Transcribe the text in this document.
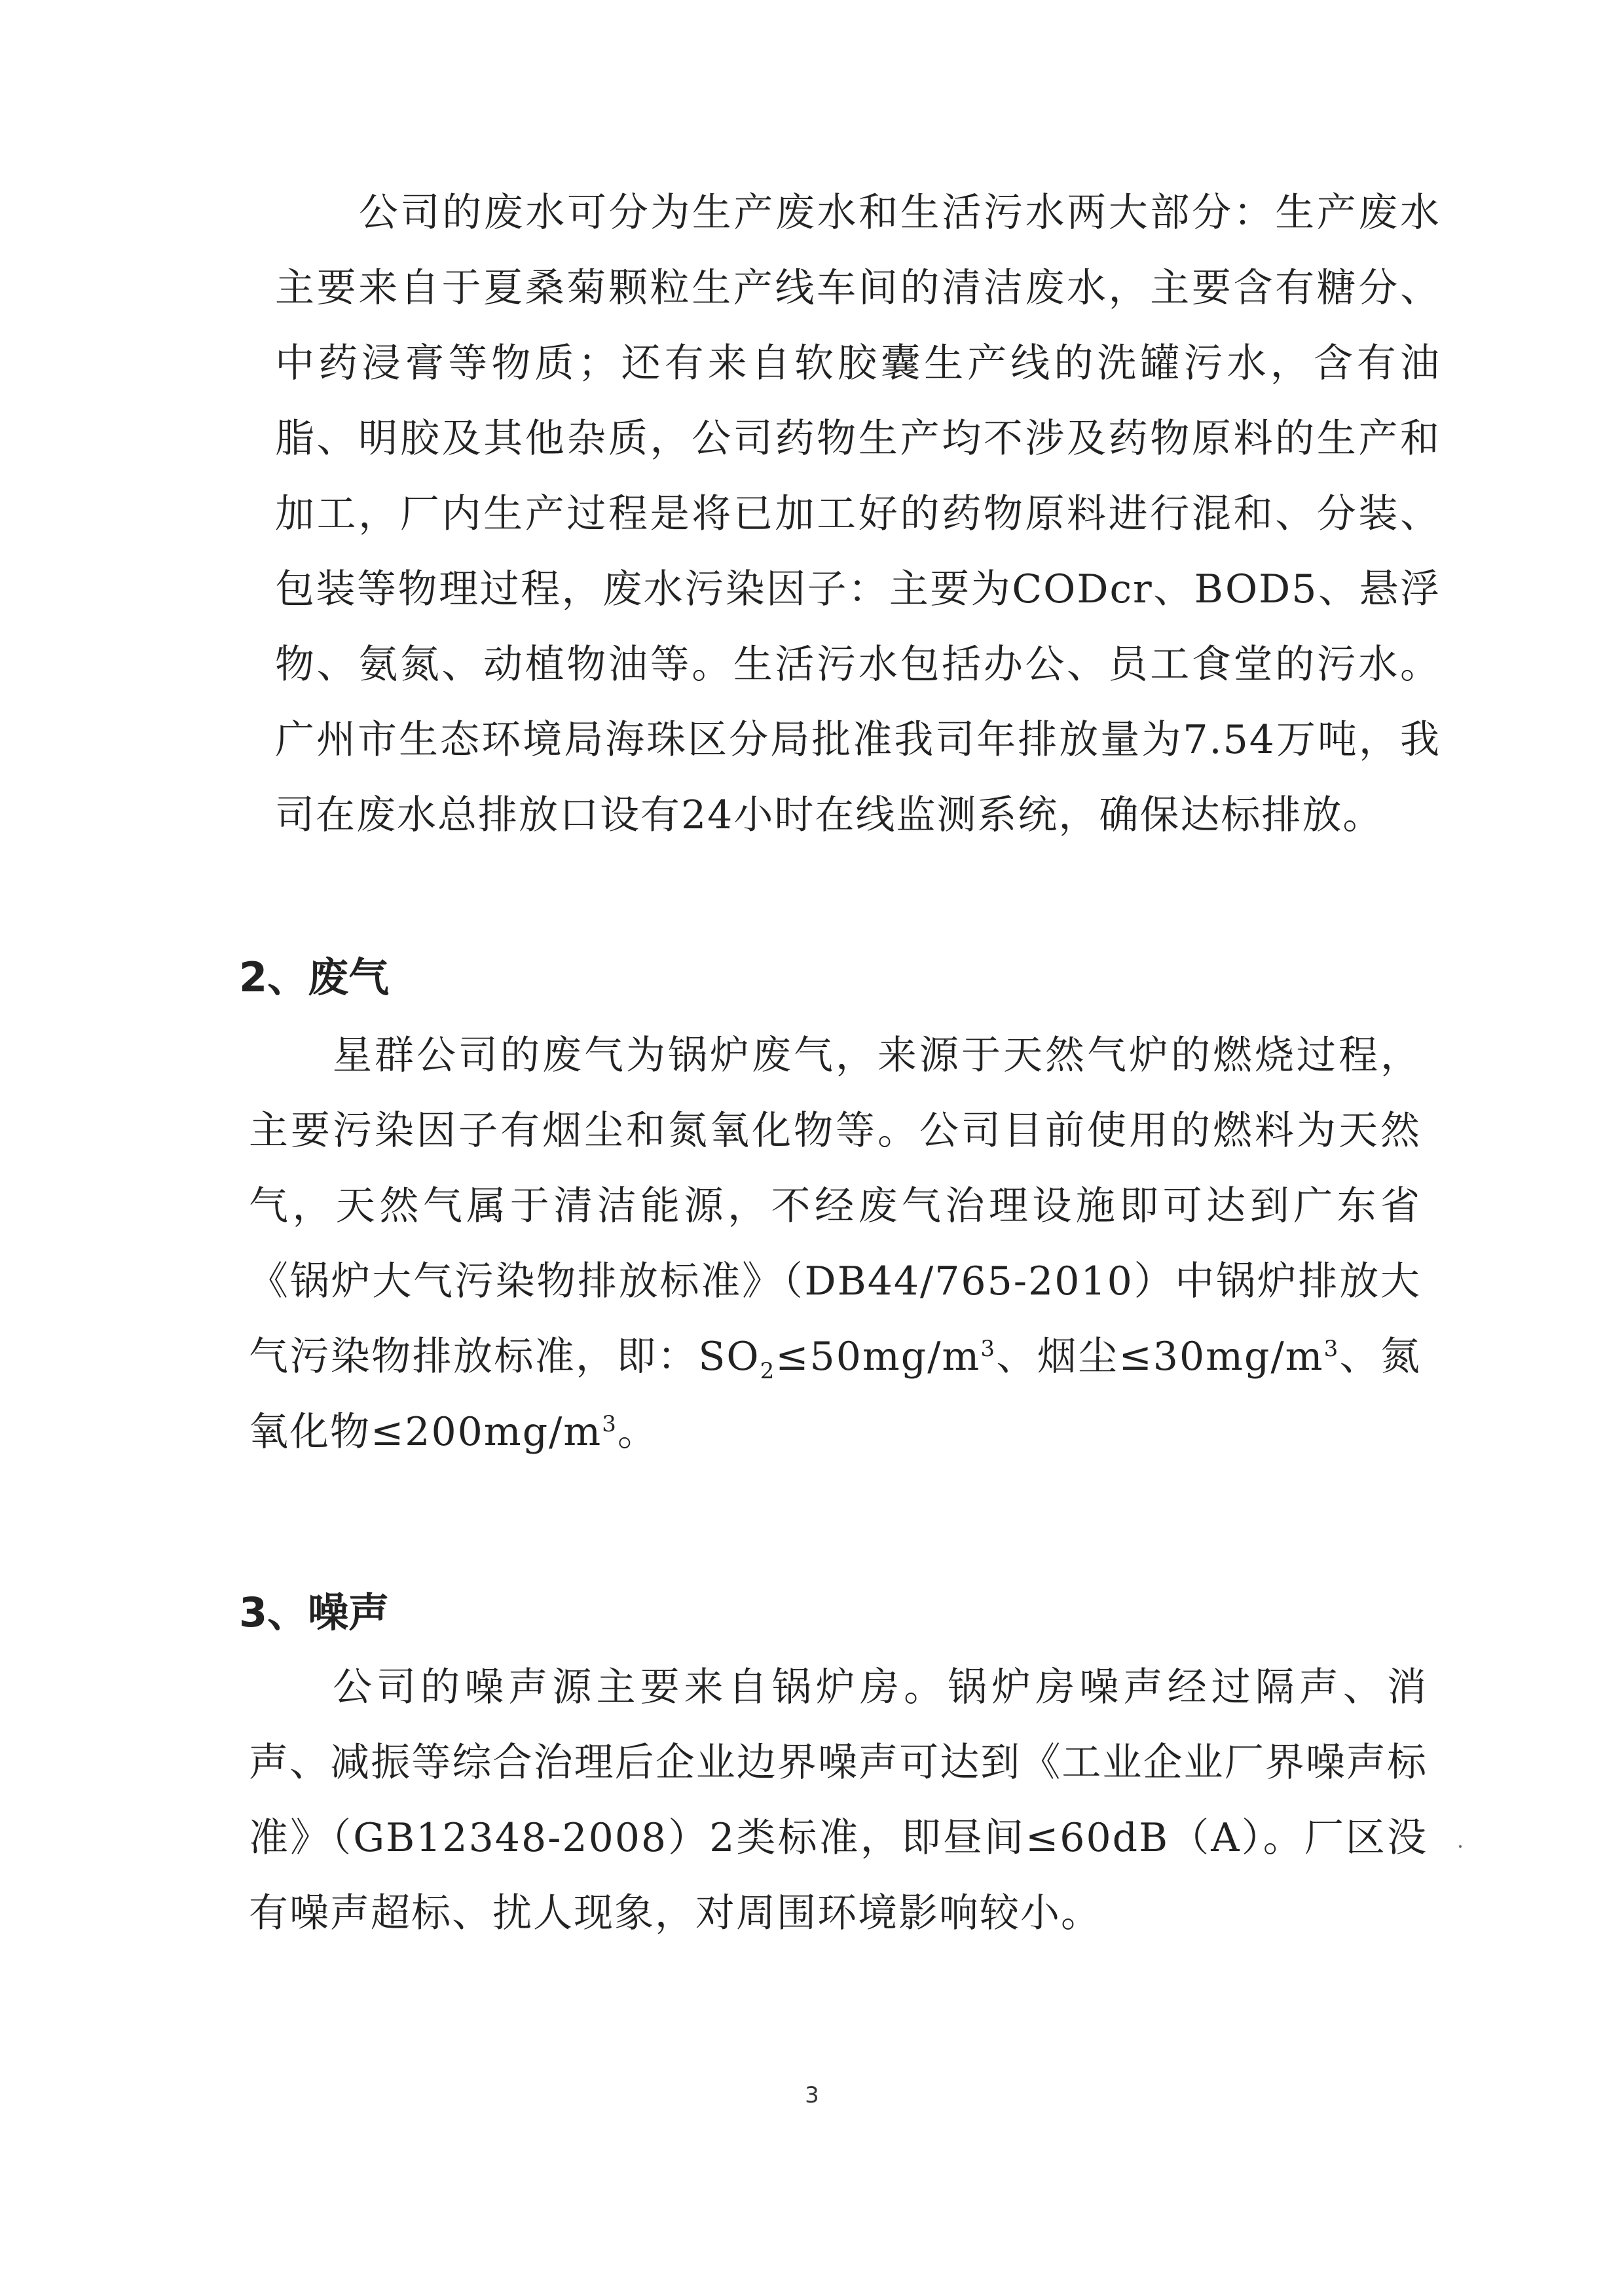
公司的废水可分为生产废水和生活污水两大部分：生产废水主要来自于夏桑菊颗粒生产线车间的清洁废水，主要含有糖分、中药浸膏等物质；还有来自软胶囊生产线的洗罐污水，含有油脂、明胶及其他杂质，公司药物生产均不涉及药物原料的生产和加工，厂内生产过程是将已加工好的药物原料进行混和、分装、包装等物理过程，废水污染因子：主要为CODcr、BOD5、悬浮物、氨氮、动植物油等。生活污水包括办公、员工食堂的污水。广州市生态环境局海珠区分局批准我司年排放量为7.54万吨，我司在废水总排放口设有24小时在线监测系统，确保达标排放。

2、废气

星群公司的废气为锅炉废气，来源于天然气炉的燃烧过程，主要污染因子有烟尘和氮氧化物等。公司目前使用的燃料为天然气，天然气属于清洁能源，不经废气治理设施即可达到广东省《锅炉大气污染物排放标准》（DB44/765-2010）中锅炉排放大气污染物排放标准，即：$SO_2\le 50mg/m^3$、烟尘$\le 30mg/m^3$、氮氧化物$\le 200mg/m^3$。

3、噪声

公司的噪声源主要来自锅炉房。锅炉房噪声经过隔声、消声、减振等综合治理后企业边界噪声可达到《工业企业厂界噪声标准》（GB12348-2008）2类标准，即昼间≤60dB（A）。厂区没有噪声超标、扰人现象，对周围环境影响较小。

3
